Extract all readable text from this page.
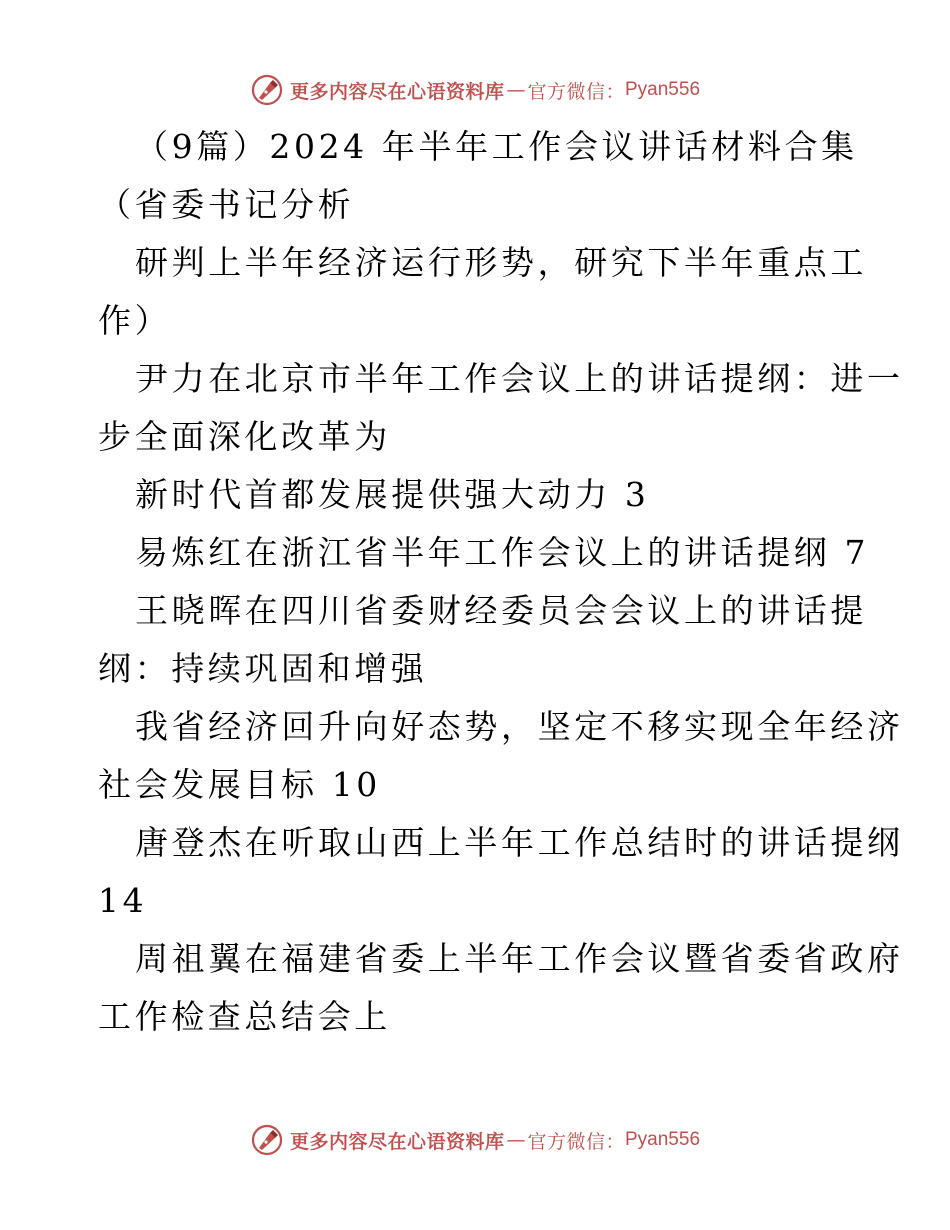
更多内容尽在心语资料库 — 官方微信： Pyan556

（9篇）2024 年半年工作会议讲话材料合集

（省委书记分析

研判上半年经济运行形势，研究下半年重点工

作）

尹力在北京市半年工作会议上的讲话提纲：进一

步全面深化改革为

新时代首都发展提供强大动力 3

易炼红在浙江省半年工作会议上的讲话提纲 7

王晓晖在四川省委财经委员会会议上的讲话提

纲：持续巩固和增强

我省经济回升向好态势，坚定不移实现全年经济

社会发展目标 10

唐登杰在听取山西上半年工作总结时的讲话提纲

14

周祖翼在福建省委上半年工作会议暨省委省政府

工作检查总结会上

更多内容尽在心语资料库 — 官方微信： Pyan556
